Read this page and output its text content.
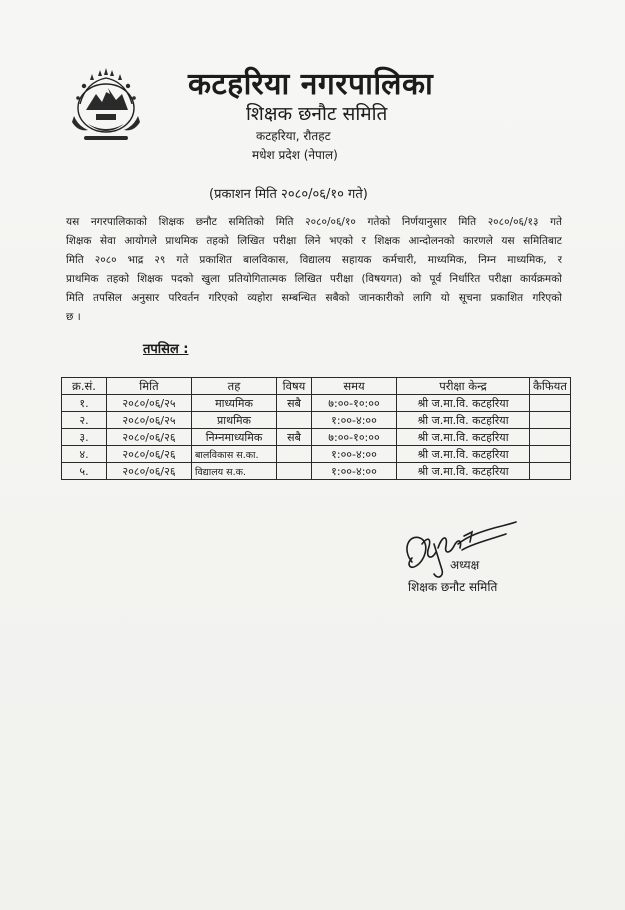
कटहरिया नगरपालिका
शिक्षक छनौट समिति
कटहरिया, रौतहट
मधेश प्रदेश (नेपाल)
(प्रकाशन मिति २०८०/०६/१० गते)
यस नगरपालिकाको शिक्षक छनौट समितिको मिति २०८०/०६/१० गतेको निर्णयानुसार मिति २०८०/०६/१३ गते
शिक्षक सेवा आयोगले प्राथमिक तहको लिखित परीक्षा लिने भएको र शिक्षक आन्दोलनको कारणले यस समितिबाट
मिति २०८० भाद्र २९ गते प्रकाशित बालविकास, विद्यालय सहायक कर्मचारी, माध्यमिक, निम्न माध्यमिक, र
प्राथमिक तहको शिक्षक पदको खुला प्रतियोगितात्मक लिखित परीक्षा (विषयगत) को पूर्व निर्धारित परीक्षा कार्यक्रमको
मिति तपसिल अनुसार परिवर्तन गरिएको व्यहोरा सम्बन्धित सबैको जानकारीको लागि यो सूचना प्रकाशित गरिएको
छ ।
तपसिल :
क्र.सं.	मिति	तह	विषय	समय	परीक्षा केन्द्र	कैफियत
१.	२०८०/०६/२५	माध्यमिक	सबै	७:००-१०:००	श्री ज.मा.वि. कटहरिया	
२.	२०८०/०६/२५	प्राथमिक		१:००-४:००	श्री ज.मा.वि. कटहरिया	
३.	२०८०/०६/२६	निम्नमाध्यमिक	सबै	७:००-१०:००	श्री ज.मा.वि. कटहरिया	
४.	२०८०/०६/२६	बालविकास स.का.		१:००-४:००	श्री ज.मा.वि. कटहरिया	
५.	२०८०/०६/२६	विद्यालय स.क.		१:००-४:००	श्री ज.मा.वि. कटहरिया	
अध्यक्ष
शिक्षक छनौट समिति
